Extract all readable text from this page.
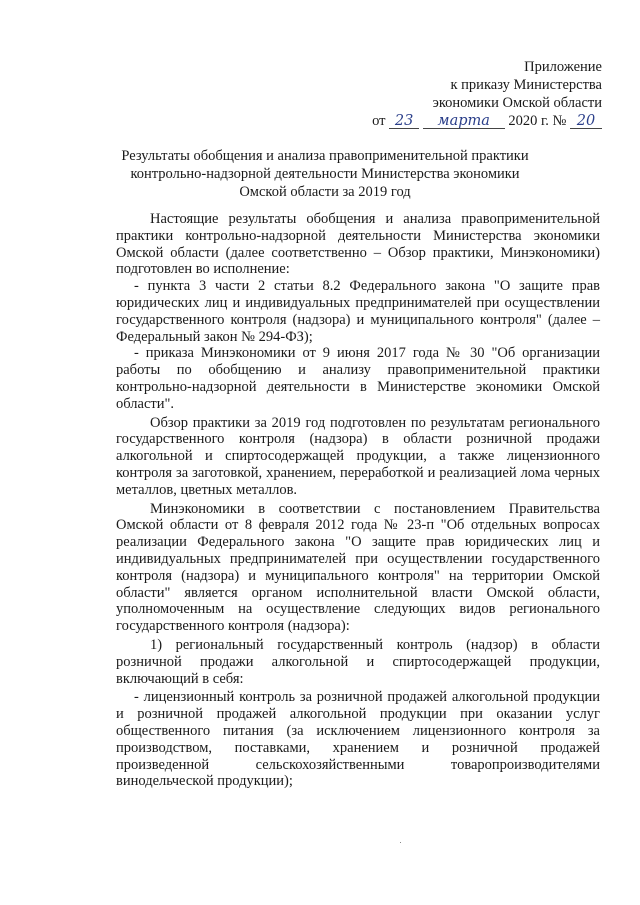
Приложение
к приказу Министерства
экономики Омской области
от 23 марта 2020 г. № 20
Результаты обобщения и анализа правоприменительной практики
контрольно-надзорной деятельности Министерства экономики
Омской области за 2019 год

Настоящие результаты обобщения и анализа правоприменительной практики контрольно-надзорной деятельности Министерства экономики Омской области (далее соответственно – Обзор практики, Минэкономики) подготовлен во исполнение:

- пункта 3 части 2 статьи 8.2 Федерального закона "О защите прав юридических лиц и индивидуальных предпринимателей при осуществлении государственного контроля (надзора) и муниципального контроля" (далее – Федеральный закон № 294-ФЗ);

- приказа Минэкономики от 9 июня 2017 года № 30 "Об организации работы по обобщению и анализу правоприменительной практики контрольно-надзорной деятельности в Министерстве экономики Омской области".

Обзор практики за 2019 год подготовлен по результатам регионального государственного контроля (надзора) в области розничной продажи алкогольной и спиртосодержащей продукции, а также лицензионного контроля за заготовкой, хранением, переработкой и реализацией лома черных металлов, цветных металлов.

Минэкономики в соответствии с постановлением Правительства Омской области от 8 февраля 2012 года № 23-п "Об отдельных вопросах реализации Федерального закона "О защите прав юридических лиц и индивидуальных предпринимателей при осуществлении государственного контроля (надзора) и муниципального контроля" на территории Омской области" является органом исполнительной власти Омской области, уполномоченным на осуществление следующих видов регионального государственного контроля (надзора):

1) региональный государственный контроль (надзор) в области розничной продажи алкогольной и спиртосодержащей продукции, включающий в себя:

- лицензионный контроль за розничной продажей алкогольной продукции и розничной продажей алкогольной продукции при оказании услуг общественного питания (за исключением лицензионного контроля за производством, поставками, хранением и розничной продажей произведенной сельскохозяйственными товаропроизводителями винодельческой продукции);
